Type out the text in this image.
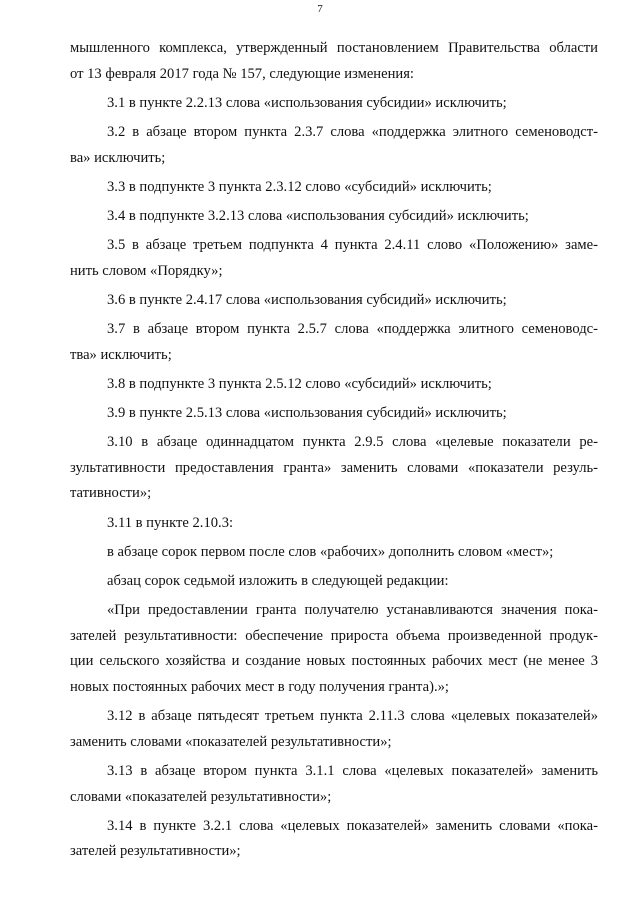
7
мышленного комплекса, утвержденный постановлением Правительства области
от 13 февраля 2017 года № 157, следующие изменения:
3.1 в пункте 2.2.13 слова «использования субсидии» исключить;
3.2 в абзаце втором пункта 2.3.7 слова «поддержка элитного семеноводст-
ва» исключить;
3.3 в подпункте 3 пункта 2.3.12 слово «субсидий» исключить;
3.4 в подпункте 3.2.13 слова «использования субсидий» исключить;
3.5 в абзаце третьем подпункта 4 пункта 2.4.11 слово «Положению» заме-
нить словом «Порядку»;
3.6 в пункте 2.4.17 слова «использования субсидий» исключить;
3.7 в абзаце втором пункта 2.5.7 слова «поддержка элитного семеноводс-
тва» исключить;
3.8 в подпункте 3 пункта 2.5.12 слово «субсидий» исключить;
3.9 в пункте 2.5.13 слова «использования субсидий» исключить;
3.10 в абзаце одиннадцатом пункта 2.9.5 слова «целевые показатели ре-
зультативности предоставления гранта» заменить словами «показатели резуль-
тативности»;
3.11 в пункте 2.10.3:
в абзаце сорок первом после слов «рабочих» дополнить словом «мест»;
абзац сорок седьмой изложить в следующей редакции:
«При предоставлении гранта получателю устанавливаются значения пока-
зателей результативности: обеспечение прироста объема произведенной продук-
ции сельского хозяйства и создание новых постоянных рабочих мест (не менее 3
новых постоянных рабочих мест в году получения гранта).»;
3.12 в абзаце пятьдесят третьем пункта 2.11.3 слова «целевых показателей»
заменить словами «показателей результативности»;
3.13 в абзаце втором пункта 3.1.1 слова «целевых показателей» заменить
словами «показателей результативности»;
3.14 в пункте 3.2.1 слова «целевых показателей» заменить словами «пока-
зателей результативности»;
